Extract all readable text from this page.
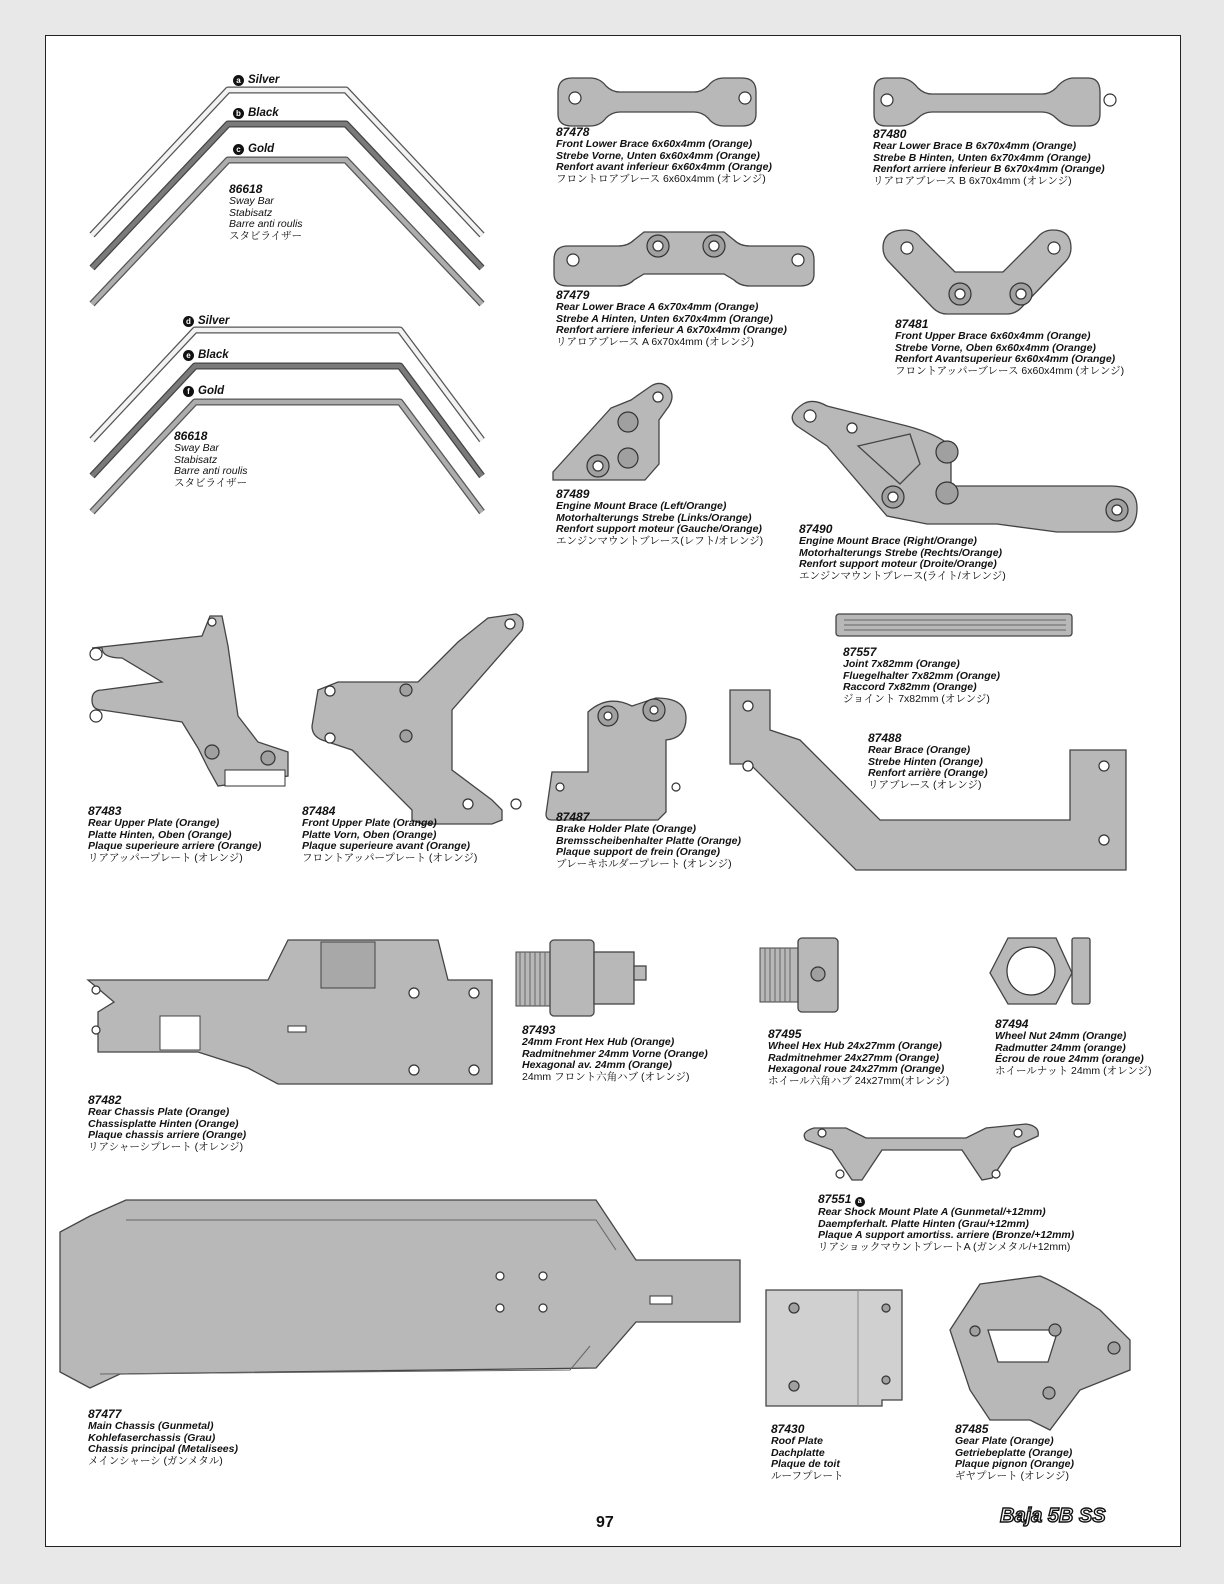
a Silver
b Black
c Gold
86618
Sway Bar
Stabisatz
Barre anti roulis
スタビライザー
d Silver
e Black
f Gold
86618
Sway Bar
Stabisatz
Barre anti roulis
スタビライザー
87478
Front Lower Brace 6x60x4mm (Orange)
Strebe Vorne, Unten 6x60x4mm (Orange)
Renfort avant inferieur 6x60x4mm (Orange)
フロントロアブレース 6x60x4mm (オレンジ)
87480
Rear Lower Brace B 6x70x4mm (Orange)
Strebe B Hinten, Unten 6x70x4mm (Orange)
Renfort arriere inferieur B 6x70x4mm (Orange)
リアロアブレース B 6x70x4mm (オレンジ)
87479
Rear Lower Brace A 6x70x4mm (Orange)
Strebe A Hinten, Unten 6x70x4mm (Orange)
Renfort arriere inferieur A 6x70x4mm (Orange)
リアロアブレース A 6x70x4mm (オレンジ)
87481
Front Upper Brace 6x60x4mm (Orange)
Strebe Vorne, Oben 6x60x4mm (Orange)
Renfort Avantsuperieur 6x60x4mm (Orange)
フロントアッパーブレース 6x60x4mm (オレンジ)
87489
Engine Mount Brace (Left/Orange)
Motorhalterungs Strebe (Links/Orange)
Renfort support moteur (Gauche/Orange)
エンジンマウントブレース(レフト/オレンジ)
87490
Engine Mount Brace (Right/Orange)
Motorhalterungs Strebe (Rechts/Orange)
Renfort support moteur (Droite/Orange)
エンジンマウントブレース(ライト/オレンジ)
87483
Rear Upper Plate (Orange)
Platte Hinten, Oben (Orange)
Plaque superieure arriere (Orange)
リアアッパープレート (オレンジ)
87484
Front Upper Plate (Orange)
Platte Vorn, Oben (Orange)
Plaque superieure avant (Orange)
フロントアッパープレート (オレンジ)
87487
Brake Holder Plate (Orange)
Bremsscheibenhalter Platte (Orange)
Plaque support de frein (Orange)
ブレーキホルダープレート (オレンジ)
87557
Joint 7x82mm (Orange)
Fluegelhalter 7x82mm (Orange)
Raccord 7x82mm (Orange)
ジョイント 7x82mm (オレンジ)
87488
Rear Brace (Orange)
Strebe Hinten (Orange)
Renfort arrière (Orange)
リアブレース (オレンジ)
87482
Rear Chassis Plate (Orange)
Chassisplatte Hinten (Orange)
Plaque chassis arriere (Orange)
リアシャーシプレート (オレンジ)
87493
24mm Front Hex Hub (Orange)
Radmitnehmer 24mm Vorne (Orange)
Hexagonal av. 24mm (Orange)
24mm フロント六角ハブ (オレンジ)
87495
Wheel Hex Hub 24x27mm (Orange)
Radmitnehmer 24x27mm (Orange)
Hexagonal roue 24x27mm (Orange)
ホイール六角ハブ 24x27mm(オレンジ)
87494
Wheel Nut 24mm (Orange)
Radmutter 24mm (orange)
Écrou de roue 24mm (orange)
ホイールナット 24mm (オレンジ)
87551 a
Rear Shock Mount Plate A (Gunmetal/+12mm)
Daempferhalt. Platte Hinten (Grau/+12mm)
Plaque A support amortiss. arriere (Bronze/+12mm)
リアショックマウントプレートA (ガンメタル/+12mm)
87477
Main Chassis (Gunmetal)
Kohlefaserchassis (Grau)
Chassis principal (Metalisees)
メインシャーシ (ガンメタル)
87430
Roof Plate
Dachplatte
Plaque de toit
ルーフプレート
87485
Gear Plate (Orange)
Getriebeplatte (Orange)
Plaque pignon (Orange)
ギヤプレート (オレンジ)
97	Baja 5B SS
